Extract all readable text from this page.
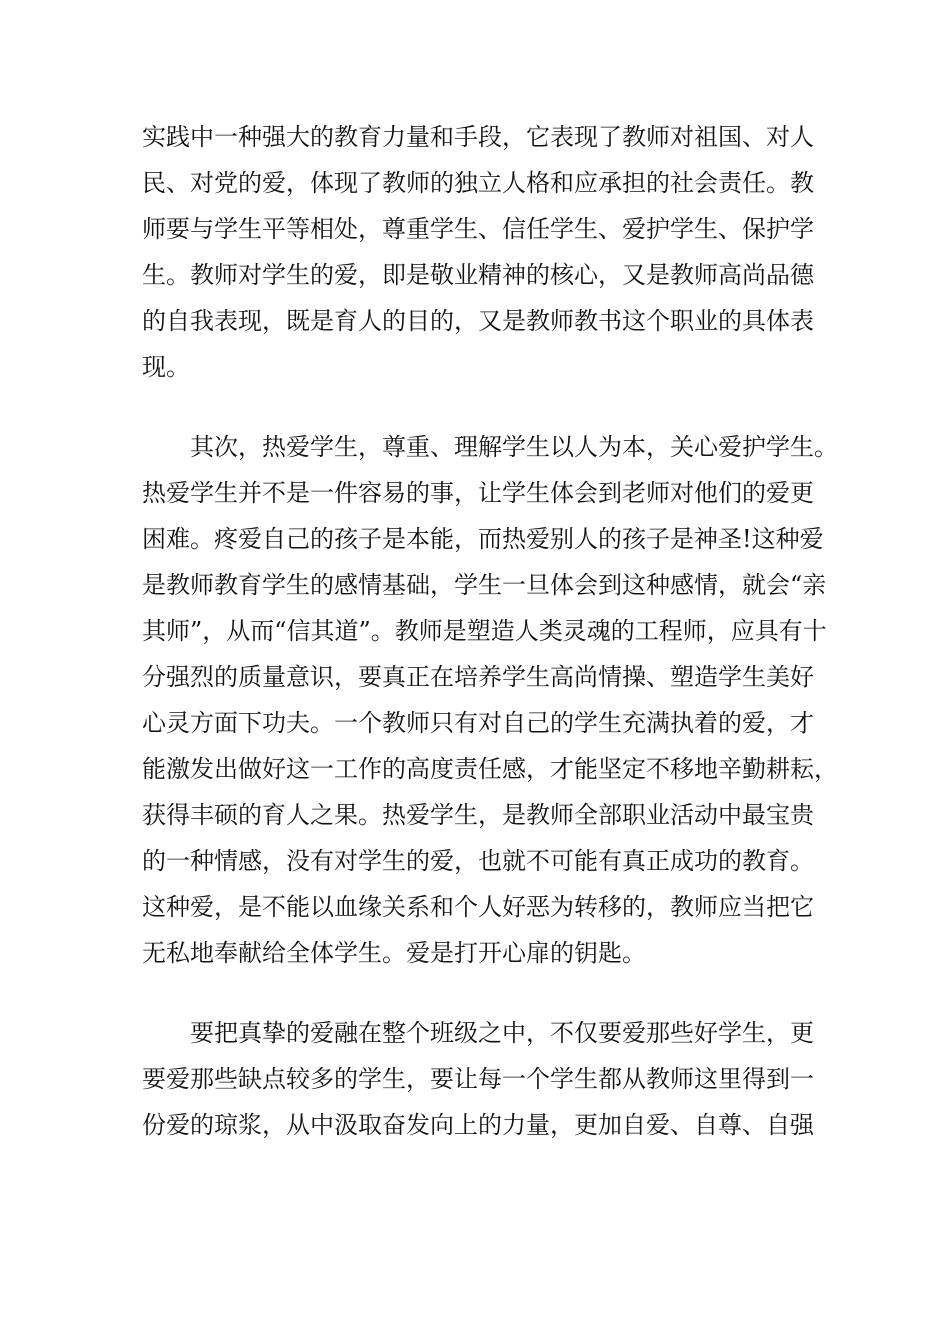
实践中一种强大的教育力量和手段，它表现了教师对祖国、对人

民、对党的爱，体现了教师的独立人格和应承担的社会责任。教

师要与学生平等相处，尊重学生、信任学生、爱护学生、保护学

生。教师对学生的爱，即是敬业精神的核心，又是教师高尚品德

的自我表现，既是育人的目的，又是教师教书这个职业的具体表

现。

其次，热爱学生，尊重、理解学生以人为本，关心爱护学生。

热爱学生并不是一件容易的事，让学生体会到老师对他们的爱更

困难。疼爱自己的孩子是本能，而热爱别人的孩子是神圣!这种爱

是教师教育学生的感情基础，学生一旦体会到这种感情，就会“亲

其师”，从而“信其道”。教师是塑造人类灵魂的工程师，应具有十

分强烈的质量意识，要真正在培养学生高尚情操、塑造学生美好

心灵方面下功夫。一个教师只有对自己的学生充满执着的爱，才

能激发出做好这一工作的高度责任感，才能坚定不移地辛勤耕耘，

获得丰硕的育人之果。热爱学生，是教师全部职业活动中最宝贵

的一种情感，没有对学生的爱，也就不可能有真正成功的教育。

这种爱，是不能以血缘关系和个人好恶为转移的，教师应当把它

无私地奉献给全体学生。爱是打开心扉的钥匙。

要把真挚的爱融在整个班级之中，不仅要爱那些好学生，更

要爱那些缺点较多的学生，要让每一个学生都从教师这里得到一

份爱的琼浆，从中汲取奋发向上的力量，更加自爱、自尊、自强
